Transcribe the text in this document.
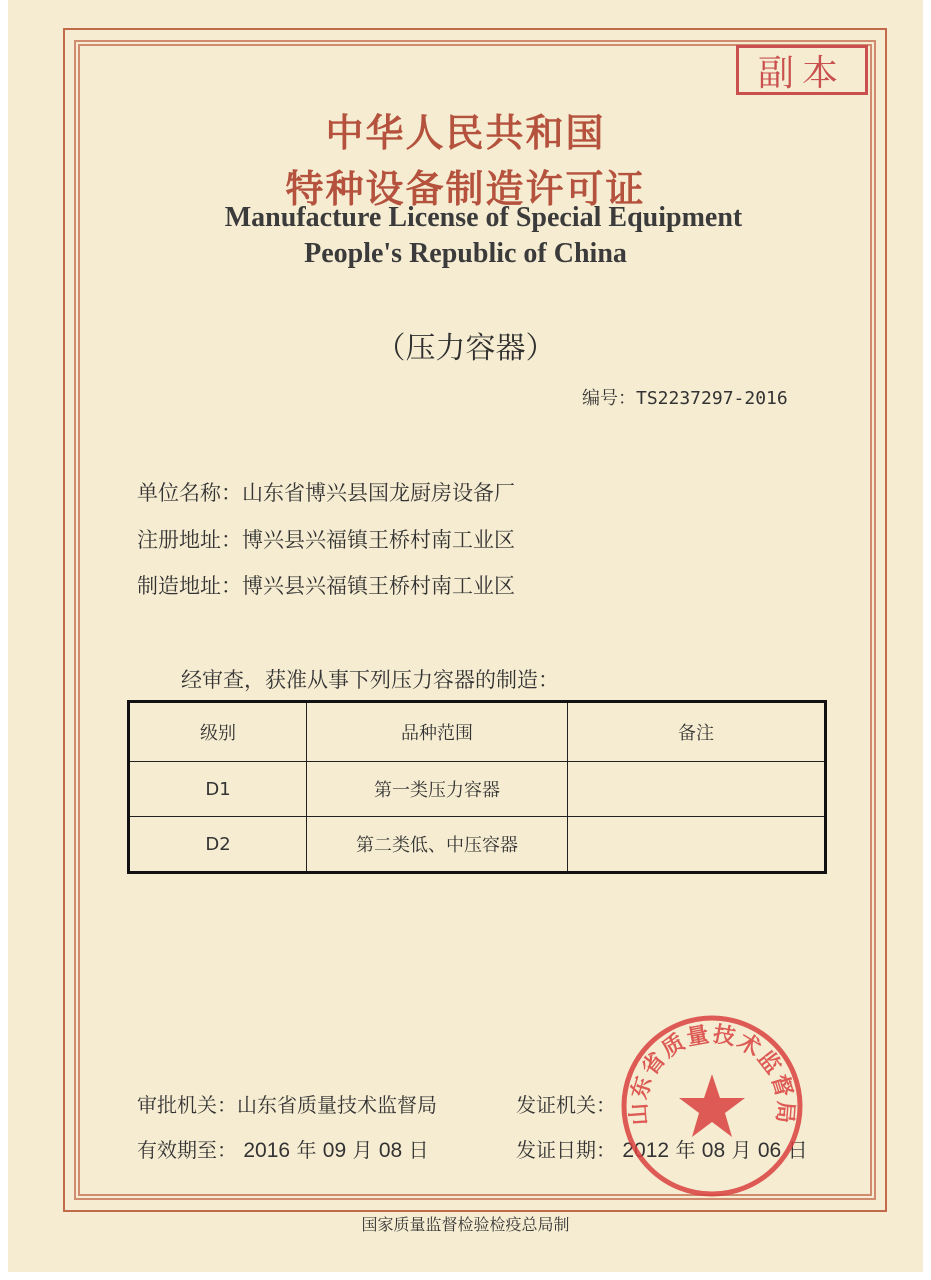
副本
中华人民共和国
特种设备制造许可证
Manufacture License of Special Equipment
People's Republic of China
（压力容器）
编号：TS2237297-2016
单位名称：山东省博兴县国龙厨房设备厂
注册地址：博兴县兴福镇王桥村南工业区
制造地址：博兴县兴福镇王桥村南工业区
经审查，获准从事下列压力容器的制造：
级别	品种范围	备注
D1	第一类压力容器	
D2	第二类低、中压容器	
审批机关：山东省质量技术监督局	发证机关：
有效期至： 2016 年 09 月 08 日	发证日期： 2012 年 08 月 06 日
山东省质量技术监督局
国家质量监督检验检疫总局制
